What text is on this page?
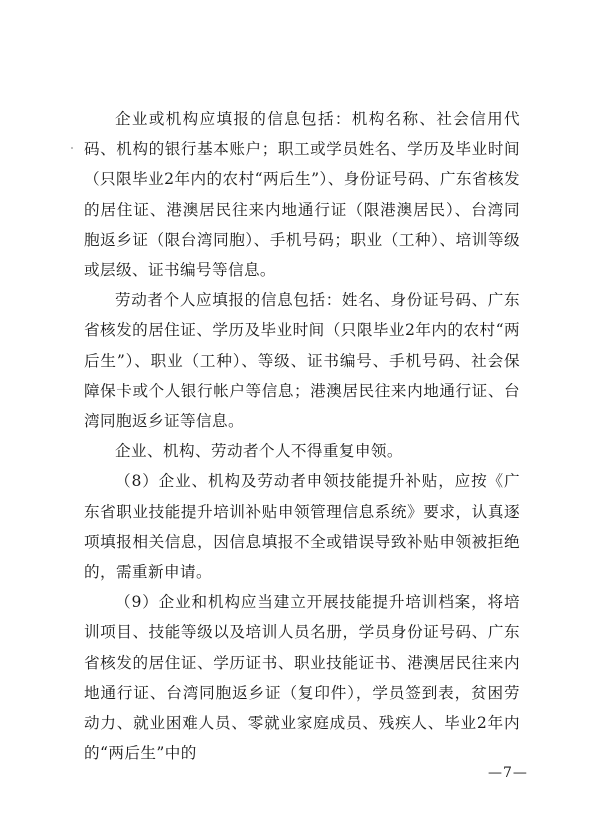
企业或机构应填报的信息包括：机构名称、社会信用代码、机构的银行基本账户；职工或学员姓名、学历及毕业时间（只限毕业2年内的农村“两后生”）、身份证号码、广东省核发的居住证、港澳居民往来内地通行证（限港澳居民）、台湾同胞返乡证（限台湾同胞）、手机号码；职业（工种）、培训等级或层级、证书编号等信息。

劳动者个人应填报的信息包括：姓名、身份证号码、广东省核发的居住证、学历及毕业时间（只限毕业2年内的农村“两后生”）、职业（工种）、等级、证书编号、手机号码、社会保障保卡或个人银行帐户等信息；港澳居民往来内地通行证、台湾同胞返乡证等信息。

企业、机构、劳动者个人不得重复申领。

（8）企业、机构及劳动者申领技能提升补贴，应按《广东省职业技能提升培训补贴申领管理信息系统》要求，认真逐项填报相关信息，因信息填报不全或错误导致补贴申领被拒绝的，需重新申请。

（9）企业和机构应当建立开展技能提升培训档案，将培训项目、技能等级以及培训人员名册，学员身份证号码、广东省核发的居住证、学历证书、职业技能证书、港澳居民往来内地通行证、台湾同胞返乡证（复印件），学员签到表，贫困劳动力、就业困难人员、零就业家庭成员、残疾人、毕业2年内的“两后生”中的

—7—
